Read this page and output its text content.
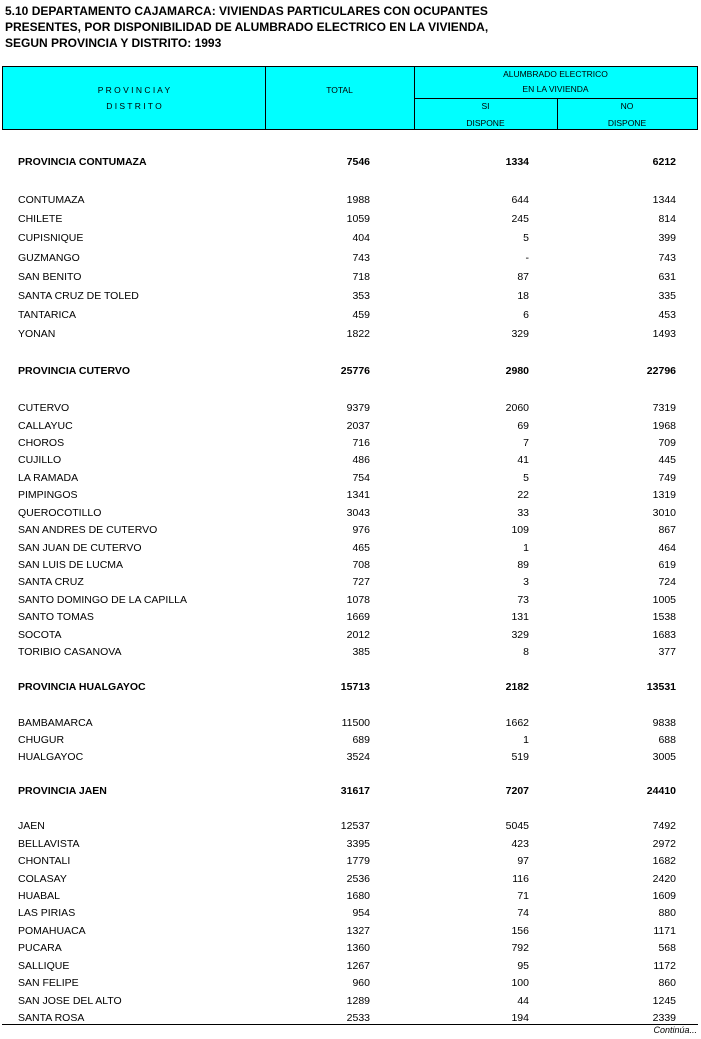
5.10 DEPARTAMENTO CAJAMARCA: VIVIENDAS PARTICULARES CON OCUPANTES
PRESENTES, POR DISPONIBILIDAD DE ALUMBRADO ELECTRICO EN LA VIVIENDA,
SEGUN PROVINCIA Y DISTRITO: 1993
P R O V I N C I A Y
D I S T R I T O
TOTAL
ALUMBRADO ELECTRICO
EN LA VIVIENDA
SI
DISPONE
NO
DISPONE
PROVINCIA CONTUMAZA	7546	1334	6212
CONTUMAZA	1988	644	1344
CHILETE	1059	245	814
CUPISNIQUE	404	5	399
GUZMANGO	743	-	743
SAN BENITO	718	87	631
SANTA CRUZ DE TOLED	353	18	335
TANTARICA	459	6	453
YONAN	1822	329	1493
PROVINCIA CUTERVO	25776	2980	22796
CUTERVO	9379	2060	7319
CALLAYUC	2037	69	1968
CHOROS	716	7	709
CUJILLO	486	41	445
LA RAMADA	754	5	749
PIMPINGOS	1341	22	1319
QUEROCOTILLO	3043	33	3010
SAN ANDRES DE CUTERVO	976	109	867
SAN JUAN DE CUTERVO	465	1	464
SAN LUIS DE LUCMA	708	89	619
SANTA CRUZ	727	3	724
SANTO DOMINGO DE LA CAPILLA	1078	73	1005
SANTO TOMAS	1669	131	1538
SOCOTA	2012	329	1683
TORIBIO CASANOVA	385	8	377
PROVINCIA HUALGAYOC	15713	2182	13531
BAMBAMARCA	11500	1662	9838
CHUGUR	689	1	688
HUALGAYOC	3524	519	3005
PROVINCIA JAEN	31617	7207	24410
JAEN	12537	5045	7492
BELLAVISTA	3395	423	2972
CHONTALI	1779	97	1682
COLASAY	2536	116	2420
HUABAL	1680	71	1609
LAS PIRIAS	954	74	880
POMAHUACA	1327	156	1171
PUCARA	1360	792	568
SALLIQUE	1267	95	1172
SAN FELIPE	960	100	860
SAN JOSE DEL ALTO	1289	44	1245
SANTA ROSA	2533	194	2339
Continúa...
